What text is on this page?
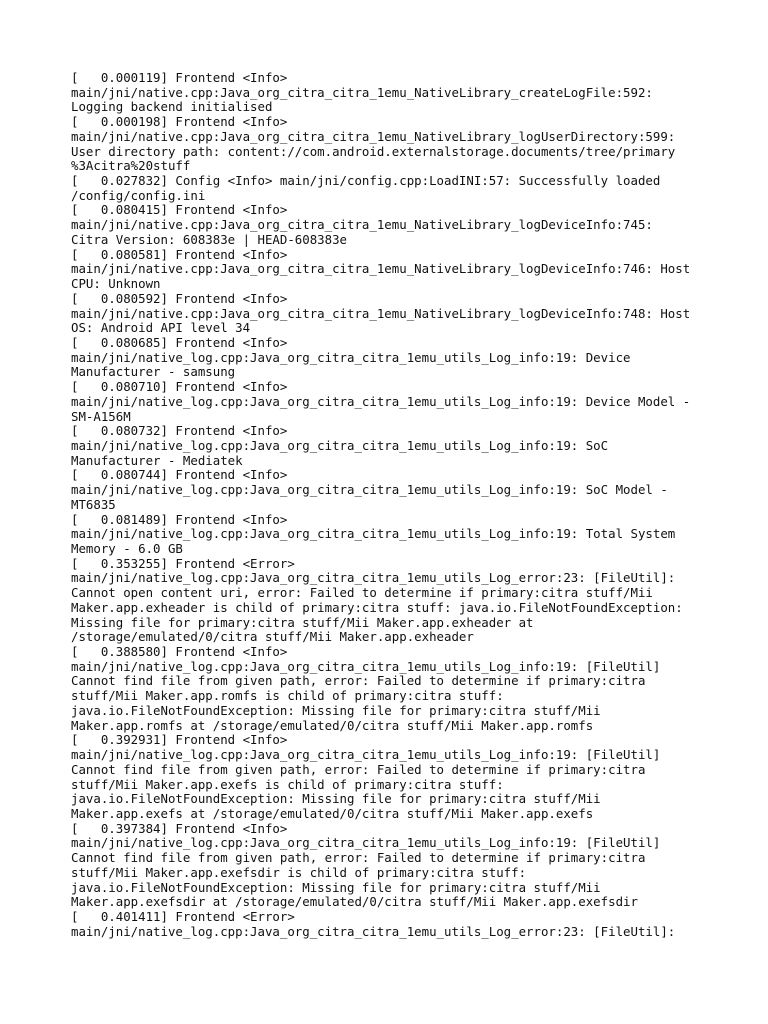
[   0.000119] Frontend <Info>
main/jni/native.cpp:Java_org_citra_citra_1emu_NativeLibrary_createLogFile:592:
Logging backend initialised
[   0.000198] Frontend <Info>
main/jni/native.cpp:Java_org_citra_citra_1emu_NativeLibrary_logUserDirectory:599:
User directory path: content://com.android.externalstorage.documents/tree/primary
%3Acitra%20stuff
[   0.027832] Config <Info> main/jni/config.cpp:LoadINI:57: Successfully loaded
/config/config.ini
[   0.080415] Frontend <Info>
main/jni/native.cpp:Java_org_citra_citra_1emu_NativeLibrary_logDeviceInfo:745:
Citra Version: 608383e | HEAD-608383e
[   0.080581] Frontend <Info>
main/jni/native.cpp:Java_org_citra_citra_1emu_NativeLibrary_logDeviceInfo:746: Host
CPU: Unknown
[   0.080592] Frontend <Info>
main/jni/native.cpp:Java_org_citra_citra_1emu_NativeLibrary_logDeviceInfo:748: Host
OS: Android API level 34
[   0.080685] Frontend <Info>
main/jni/native_log.cpp:Java_org_citra_citra_1emu_utils_Log_info:19: Device
Manufacturer - samsung
[   0.080710] Frontend <Info>
main/jni/native_log.cpp:Java_org_citra_citra_1emu_utils_Log_info:19: Device Model -
SM-A156M
[   0.080732] Frontend <Info>
main/jni/native_log.cpp:Java_org_citra_citra_1emu_utils_Log_info:19: SoC
Manufacturer - Mediatek
[   0.080744] Frontend <Info>
main/jni/native_log.cpp:Java_org_citra_citra_1emu_utils_Log_info:19: SoC Model -
MT6835
[   0.081489] Frontend <Info>
main/jni/native_log.cpp:Java_org_citra_citra_1emu_utils_Log_info:19: Total System
Memory - 6.0 GB
[   0.353255] Frontend <Error>
main/jni/native_log.cpp:Java_org_citra_citra_1emu_utils_Log_error:23: [FileUtil]:
Cannot open content uri, error: Failed to determine if primary:citra stuff/Mii
Maker.app.exheader is child of primary:citra stuff: java.io.FileNotFoundException:
Missing file for primary:citra stuff/Mii Maker.app.exheader at
/storage/emulated/0/citra stuff/Mii Maker.app.exheader
[   0.388580] Frontend <Info>
main/jni/native_log.cpp:Java_org_citra_citra_1emu_utils_Log_info:19: [FileUtil]
Cannot find file from given path, error: Failed to determine if primary:citra
stuff/Mii Maker.app.romfs is child of primary:citra stuff:
java.io.FileNotFoundException: Missing file for primary:citra stuff/Mii
Maker.app.romfs at /storage/emulated/0/citra stuff/Mii Maker.app.romfs
[   0.392931] Frontend <Info>
main/jni/native_log.cpp:Java_org_citra_citra_1emu_utils_Log_info:19: [FileUtil]
Cannot find file from given path, error: Failed to determine if primary:citra
stuff/Mii Maker.app.exefs is child of primary:citra stuff:
java.io.FileNotFoundException: Missing file for primary:citra stuff/Mii
Maker.app.exefs at /storage/emulated/0/citra stuff/Mii Maker.app.exefs
[   0.397384] Frontend <Info>
main/jni/native_log.cpp:Java_org_citra_citra_1emu_utils_Log_info:19: [FileUtil]
Cannot find file from given path, error: Failed to determine if primary:citra
stuff/Mii Maker.app.exefsdir is child of primary:citra stuff:
java.io.FileNotFoundException: Missing file for primary:citra stuff/Mii
Maker.app.exefsdir at /storage/emulated/0/citra stuff/Mii Maker.app.exefsdir
[   0.401411] Frontend <Error>
main/jni/native_log.cpp:Java_org_citra_citra_1emu_utils_Log_error:23: [FileUtil]:
